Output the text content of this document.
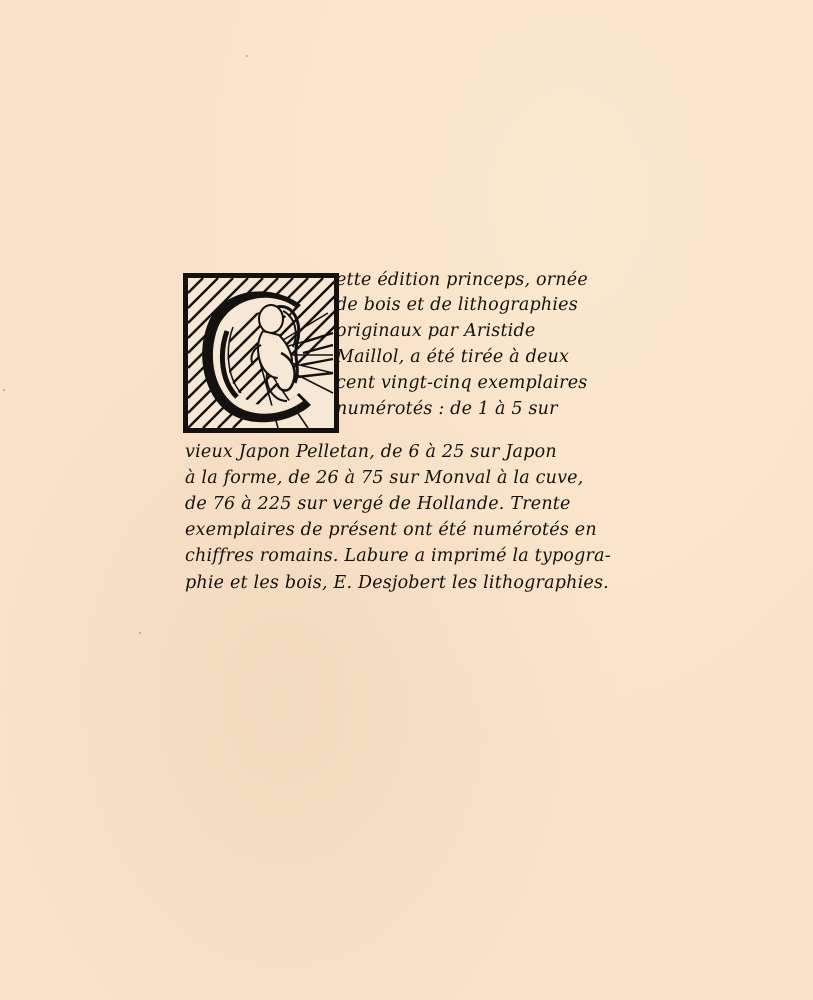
ette édition princeps, ornée
de bois et de lithographies
originaux par Aristide
Maillol, a été tirée à deux
cent vingt-cinq exemplaires
numérotés : de 1 à 5 sur
vieux Japon Pelletan, de 6 à 25 sur Japon
à la forme, de 26 à 75 sur Monval à la cuve,
de 76 à 225 sur vergé de Hollande. Trente
exemplaires de présent ont été numérotés en
chiffres romains. Labure a imprimé la typogra-
phie et les bois, E. Desjobert les lithographies.
